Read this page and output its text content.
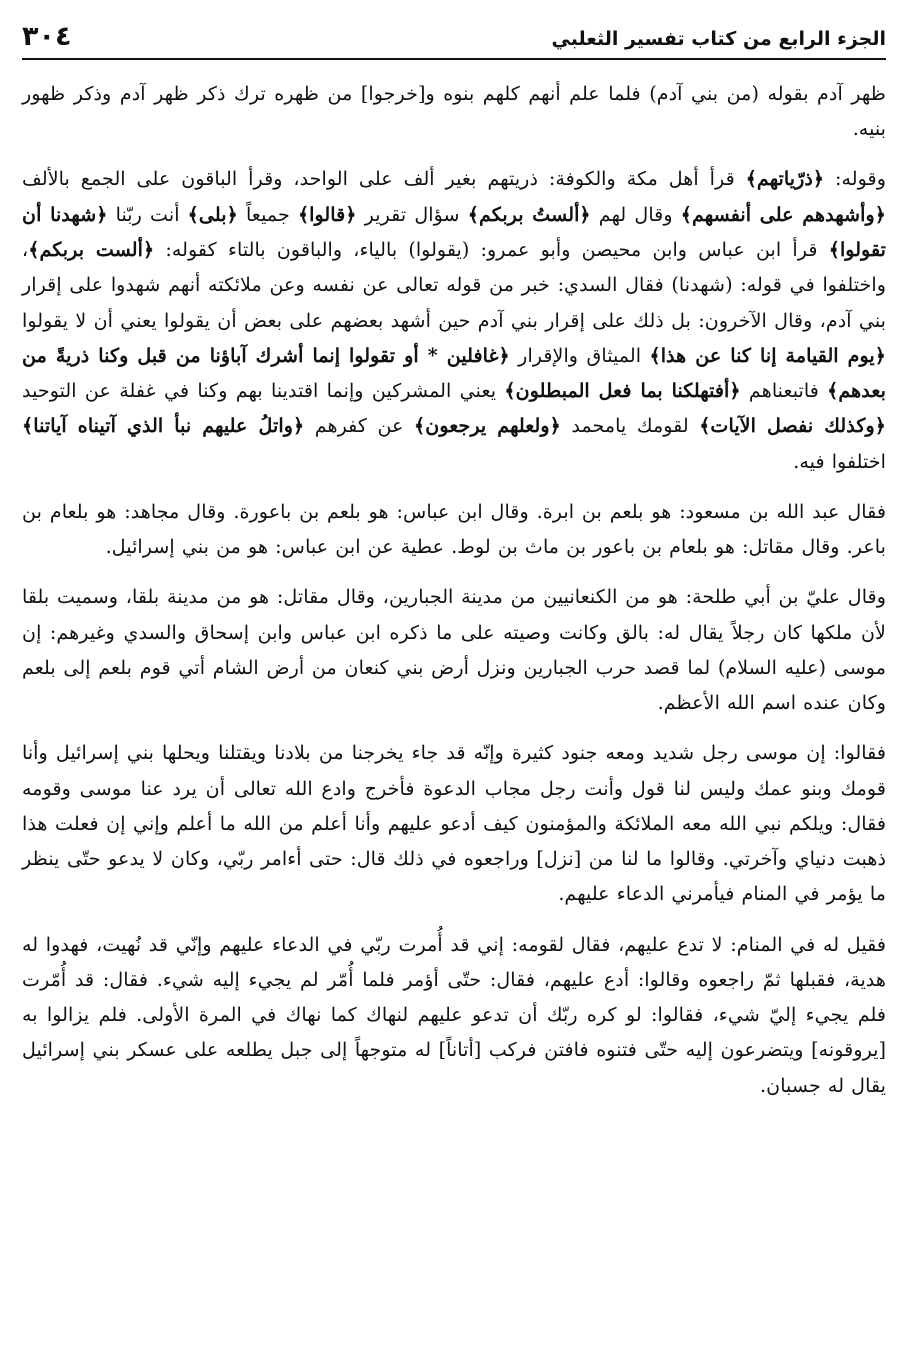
الجزء الرابع من كتاب تفسير الثعلبي
٣٠٤

ظهر آدم بقوله (من بني آدم) فلما علم أنهم كلهم بنوه و[خرجوا] من ظهره ترك ذكر ظهر آدم وذكر ظهور بنيه.

وقوله: ﴿ذرّياتهم﴾ قرأ أهل مكة والكوفة: ذريتهم بغير ألف على الواحد، وقرأ الباقون على الجمع بالألف ﴿وأشهدهم على أنفسهم﴾ وقال لهم ﴿ألستُ بربكم﴾ سؤال تقرير ﴿قالوا﴾ جميعاً ﴿بلى﴾ أنت ربّنا ﴿شهدنا أن تقولوا﴾ قرأ ابن عباس وابن محيصن وأبو عمرو: (يقولوا) بالياء، والباقون بالتاء كقوله: ﴿ألست بربكم﴾، واختلفوا في قوله: (شهدنا) فقال السدي: خبر من قوله تعالى عن نفسه وعن ملائكته أنهم شهدوا على إقرار بني آدم، وقال الآخرون: بل ذلك على إقرار بني آدم حين أشهد بعضهم على بعض أن يقولوا يعني أن لا يقولوا ﴿يوم القيامة إنا كنا عن هذا﴾ الميثاق والإقرار ﴿غافلين * أو تقولوا إنما أشرك آباؤنا من قبل وكنا ذريةً من بعدهم﴾ فاتبعناهم ﴿أفتهلكنا بما فعل المبطلون﴾ يعني المشركين وإنما اقتدينا بهم وكنا في غفلة عن التوحيد ﴿وكذلك نفصل الآيات﴾ لقومك يامحمد ﴿ولعلهم يرجعون﴾ عن كفرهم ﴿واتلُ عليهم نبأ الذي آتيناه آياتنا﴾ اختلفوا فيه.

فقال عبد الله بن مسعود: هو بلعم بن ابرة. وقال ابن عباس: هو بلعم بن باعورة. وقال مجاهد: هو بلعام بن باعر. وقال مقاتل: هو بلعام بن باعور بن ماث بن لوط. عطية عن ابن عباس: هو من بني إسرائيل.

وقال عليّ بن أبي طلحة: هو من الكنعانيين من مدينة الجبارين، وقال مقاتل: هو من مدينة بلقا، وسميت بلقا لأن ملكها كان رجلاً يقال له: بالق وكانت وصيته على ما ذكره ابن عباس وابن إسحاق والسدي وغيرهم: إن موسى (عليه السلام) لما قصد حرب الجبارين ونزل أرض بني كنعان من أرض الشام أتي قوم بلعم إلى بلعم وكان عنده اسم الله الأعظم.

فقالوا: إن موسى رجل شديد ومعه جنود كثيرة وإنّه قد جاء يخرجنا من بلادنا ويقتلنا ويحلها بني إسرائيل وأنا قومك وبنو عمك وليس لنا قول وأنت رجل مجاب الدعوة فأخرج وادع الله تعالى أن يرد عنا موسى وقومه فقال: ويلكم نبي الله معه الملائكة والمؤمنون كيف أدعو عليهم وأنا أعلم من الله ما أعلم وإني إن فعلت هذا ذهبت دنياي وآخرتي. وقالوا ما لنا من [نزل] وراجعوه في ذلك قال: حتى أءامر ربّي، وكان لا يدعو حتّى ينظر ما يؤمر في المنام فيأمرني الدعاء عليهم.

فقيل له في المنام: لا تدع عليهم، فقال لقومه: إني قد أُمرت ربّي في الدعاء عليهم وإنّي قد نُهيت، فهدوا له هدية، فقبلها ثمّ راجعوه وقالوا: أدع عليهم، فقال: حتّى أؤمر فلما أُمّر لم يجيء إليه شيء. فقال: قد أُمّرت فلم يجيء إليّ شيء، فقالوا: لو كره ربّك أن تدعو عليهم لنهاك كما نهاك في المرة الأولى. فلم يزالوا به [يروقونه] ويتضرعون إليه حتّى فتنوه فافتن فركب [أتاناً] له متوجهاً إلى جبل يطلعه على عسكر بني إسرائيل يقال له جسبان.
